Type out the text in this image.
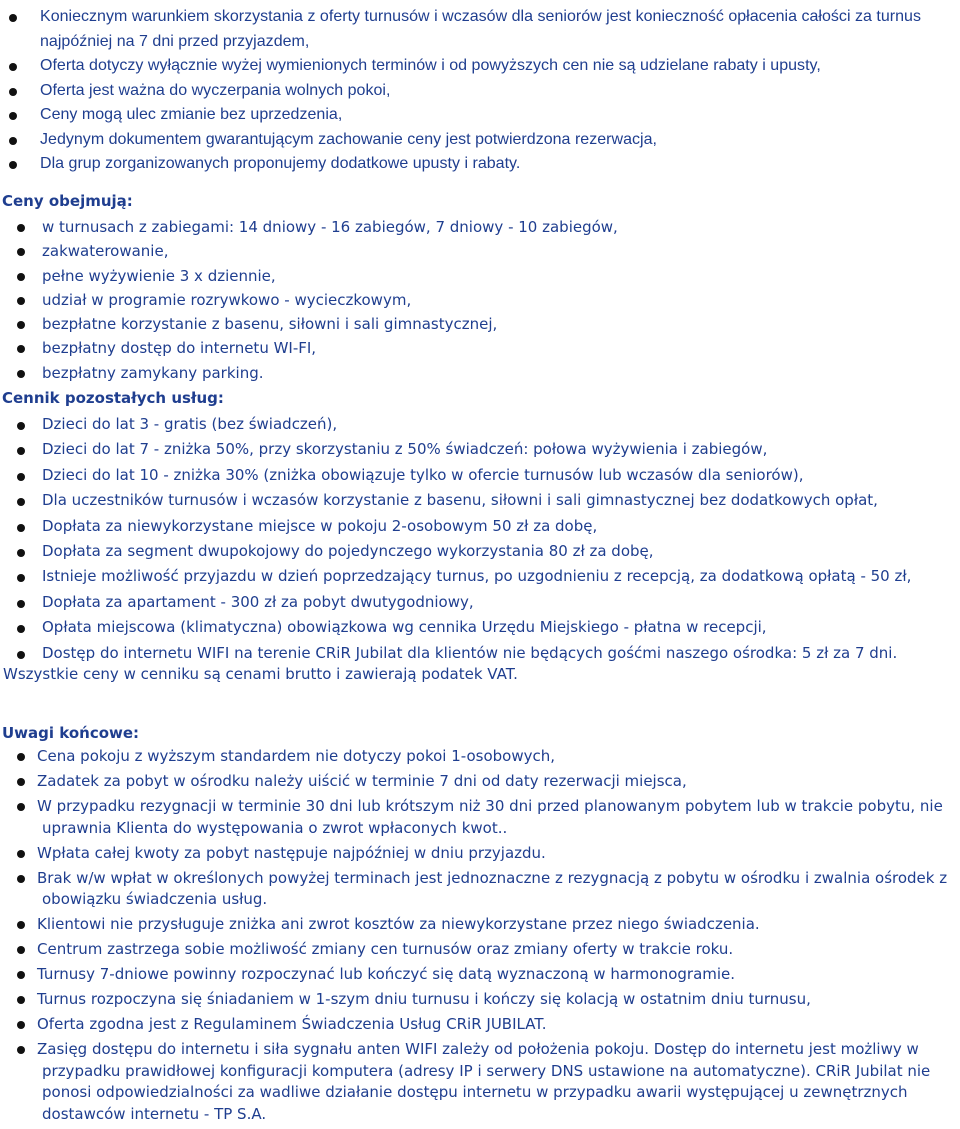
Koniecznym warunkiem skorzystania z oferty turnusów i wczasów dla seniorów jest konieczność opłacenia całości za turnus najpóźniej na 7 dni przed przyjazdem,
Oferta dotyczy wyłącznie wyżej wymienionych terminów i od powyższych cen nie są udzielane rabaty i upusty,
Oferta jest ważna do wyczerpania wolnych pokoi,
Ceny mogą ulec zmianie bez uprzedzenia,
Jedynym dokumentem gwarantującym zachowanie ceny jest potwierdzona rezerwacja,
Dla grup zorganizowanych proponujemy dodatkowe upusty i rabaty.
Ceny obejmują:
w turnusach z zabiegami: 14 dniowy - 16 zabiegów, 7 dniowy - 10 zabiegów,
zakwaterowanie,
pełne wyżywienie 3 x dziennie,
udział w programie rozrywkowo - wycieczkowym,
bezpłatne korzystanie z basenu, siłowni i sali gimnastycznej,
bezpłatny dostęp do internetu WI-FI,
bezpłatny zamykany parking.
Cennik pozostałych usług:
Dzieci do lat 3 - gratis (bez świadczeń),
Dzieci do lat 7 - zniżka 50%, przy skorzystaniu z 50% świadczeń: połowa wyżywienia i zabiegów,
Dzieci do lat 10 - zniżka 30% (zniżka obowiązuje tylko w ofercie turnusów lub wczasów dla seniorów),
Dla uczestników turnusów i wczasów korzystanie z basenu, siłowni i sali gimnastycznej bez dodatkowych opłat,
Dopłata za niewykorzystane miejsce w pokoju 2-osobowym 50 zł za dobę,
Dopłata za segment dwupokojowy do pojedynczego wykorzystania 80 zł za dobę,
Istnieje możliwość przyjazdu w dzień poprzedzający turnus, po uzgodnieniu z recepcją, za dodatkową opłatą - 50 zł,
Dopłata za apartament - 300 zł za pobyt dwutygodniowy,
Opłata miejscowa (klimatyczna) obowiązkowa wg cennika Urzędu Miejskiego - płatna w recepcji,
Dostęp do internetu WIFI na terenie CRiR Jubilat dla klientów nie będących gośćmi naszego ośrodka: 5 zł za 7 dni.
Wszystkie ceny w cenniku są cenami brutto i zawierają podatek VAT.
Uwagi końcowe:
Cena pokoju z wyższym standardem nie dotyczy pokoi 1-osobowych,
Zadatek za pobyt w ośrodku należy uiścić w terminie 7 dni od daty rezerwacji miejsca,
W przypadku rezygnacji w terminie 30 dni lub krótszym niż 30 dni przed planowanym pobytem lub w trakcie pobytu, nie uprawnia Klienta do występowania o zwrot wpłaconych kwot..
Wpłata całej kwoty za pobyt następuje najpóźniej w dniu przyjazdu.
Brak w/w wpłat w określonych powyżej terminach jest jednoznaczne z rezygnacją z pobytu w ośrodku i zwalnia ośrodek z obowiązku świadczenia usług.
Klientowi nie przysługuje zniżka ani zwrot kosztów za niewykorzystane przez niego świadczenia.
Centrum zastrzega sobie możliwość zmiany cen turnusów oraz zmiany oferty w trakcie roku.
Turnusy 7-dniowe powinny rozpoczynać lub kończyć się datą wyznaczoną w harmonogramie.
Turnus rozpoczyna się śniadaniem w 1-szym dniu turnusu i kończy się kolacją w ostatnim dniu turnusu,
Oferta zgodna jest z Regulaminem Świadczenia Usług CRiR JUBILAT.
Zasięg dostępu do internetu i siła sygnału anten WIFI zależy od położenia pokoju. Dostęp do internetu jest możliwy w przypadku prawidłowej konfiguracji komputera (adresy IP i serwery DNS ustawione na automatyczne). CRiR Jubilat nie ponosi odpowiedzialności za wadliwe działanie dostępu internetu w przypadku awarii występującej u zewnętrznych dostawców internetu - TP S.A.
